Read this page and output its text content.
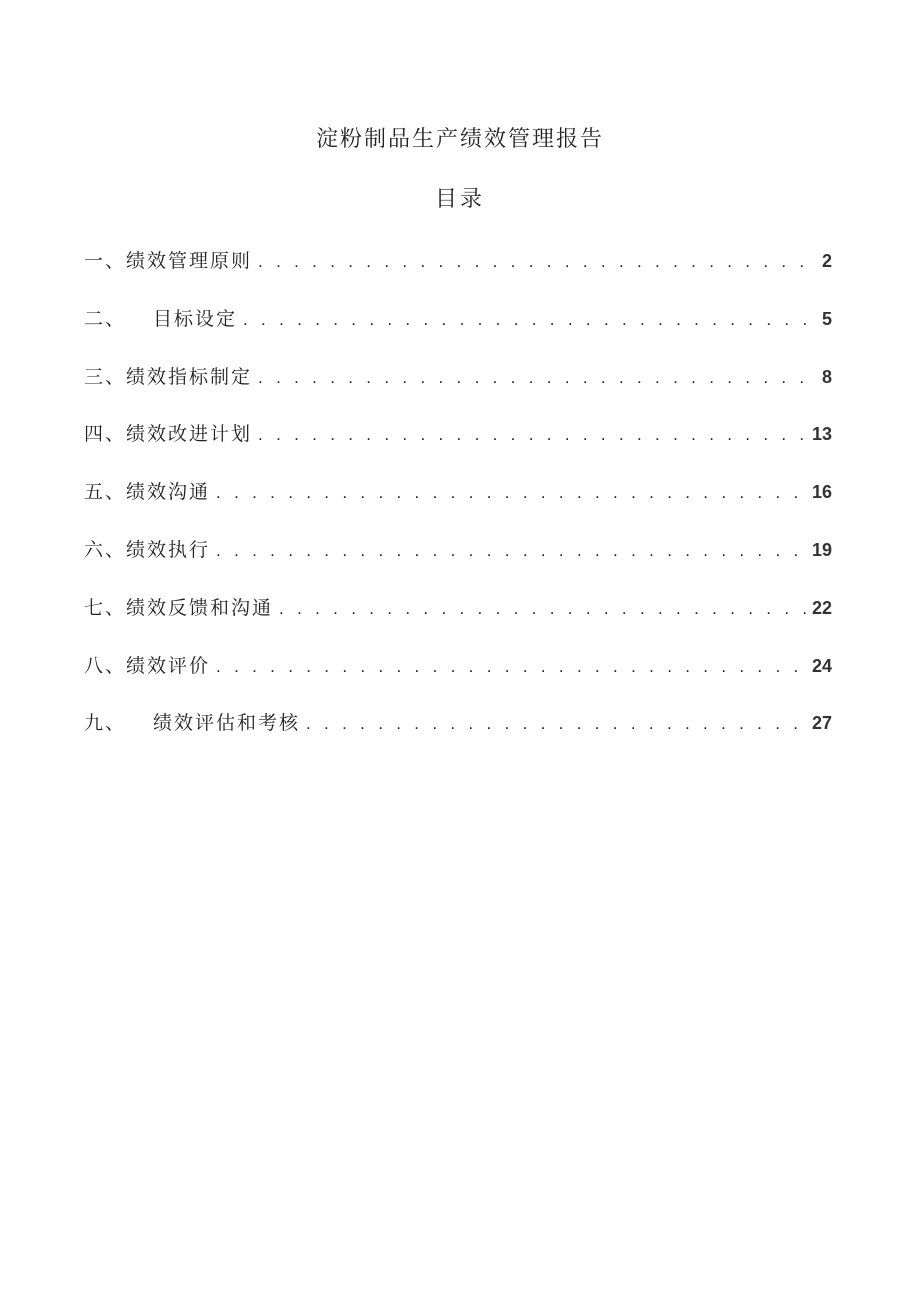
淀粉制品生产绩效管理报告
目录
一、 绩效管理原则 . . .	2
二、	目标设定 . . .	5
三、 绩效指标制定 . . .	8
四、 绩效改进计划 . . .	13
五、 绩效沟通 . . .	16
六、 绩效执行 . . .	19
七、 绩效反馈和沟通 . . .	22
八、 绩效评价 . . .	24
九、	绩效评估和考核 . . .	27
